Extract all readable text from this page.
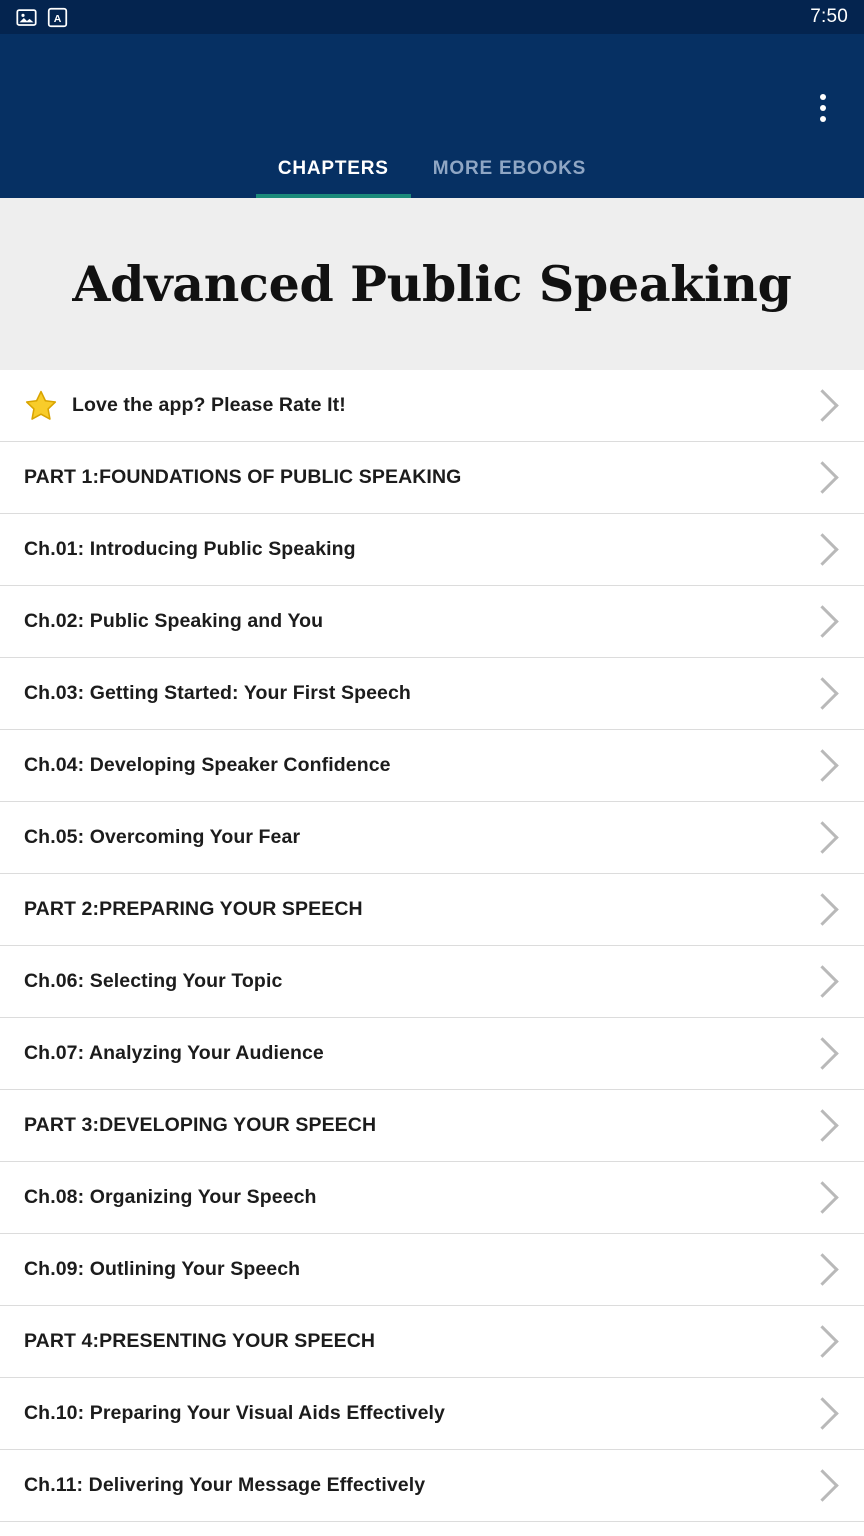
A	7:50
CHAPTERS	MORE EBOOKS
Advanced Public Speaking
Love the app? Please Rate It!
PART 1:FOUNDATIONS OF PUBLIC SPEAKING
Ch.01: Introducing Public Speaking
Ch.02: Public Speaking and You
Ch.03: Getting Started: Your First Speech
Ch.04: Developing Speaker Confidence
Ch.05: Overcoming Your Fear
PART 2:PREPARING YOUR SPEECH
Ch.06: Selecting Your Topic
Ch.07: Analyzing Your Audience
PART 3:DEVELOPING YOUR SPEECH
Ch.08: Organizing Your Speech
Ch.09: Outlining Your Speech
PART 4:PRESENTING YOUR SPEECH
Ch.10: Preparing Your Visual Aids Effectively
Ch.11: Delivering Your Message Effectively
